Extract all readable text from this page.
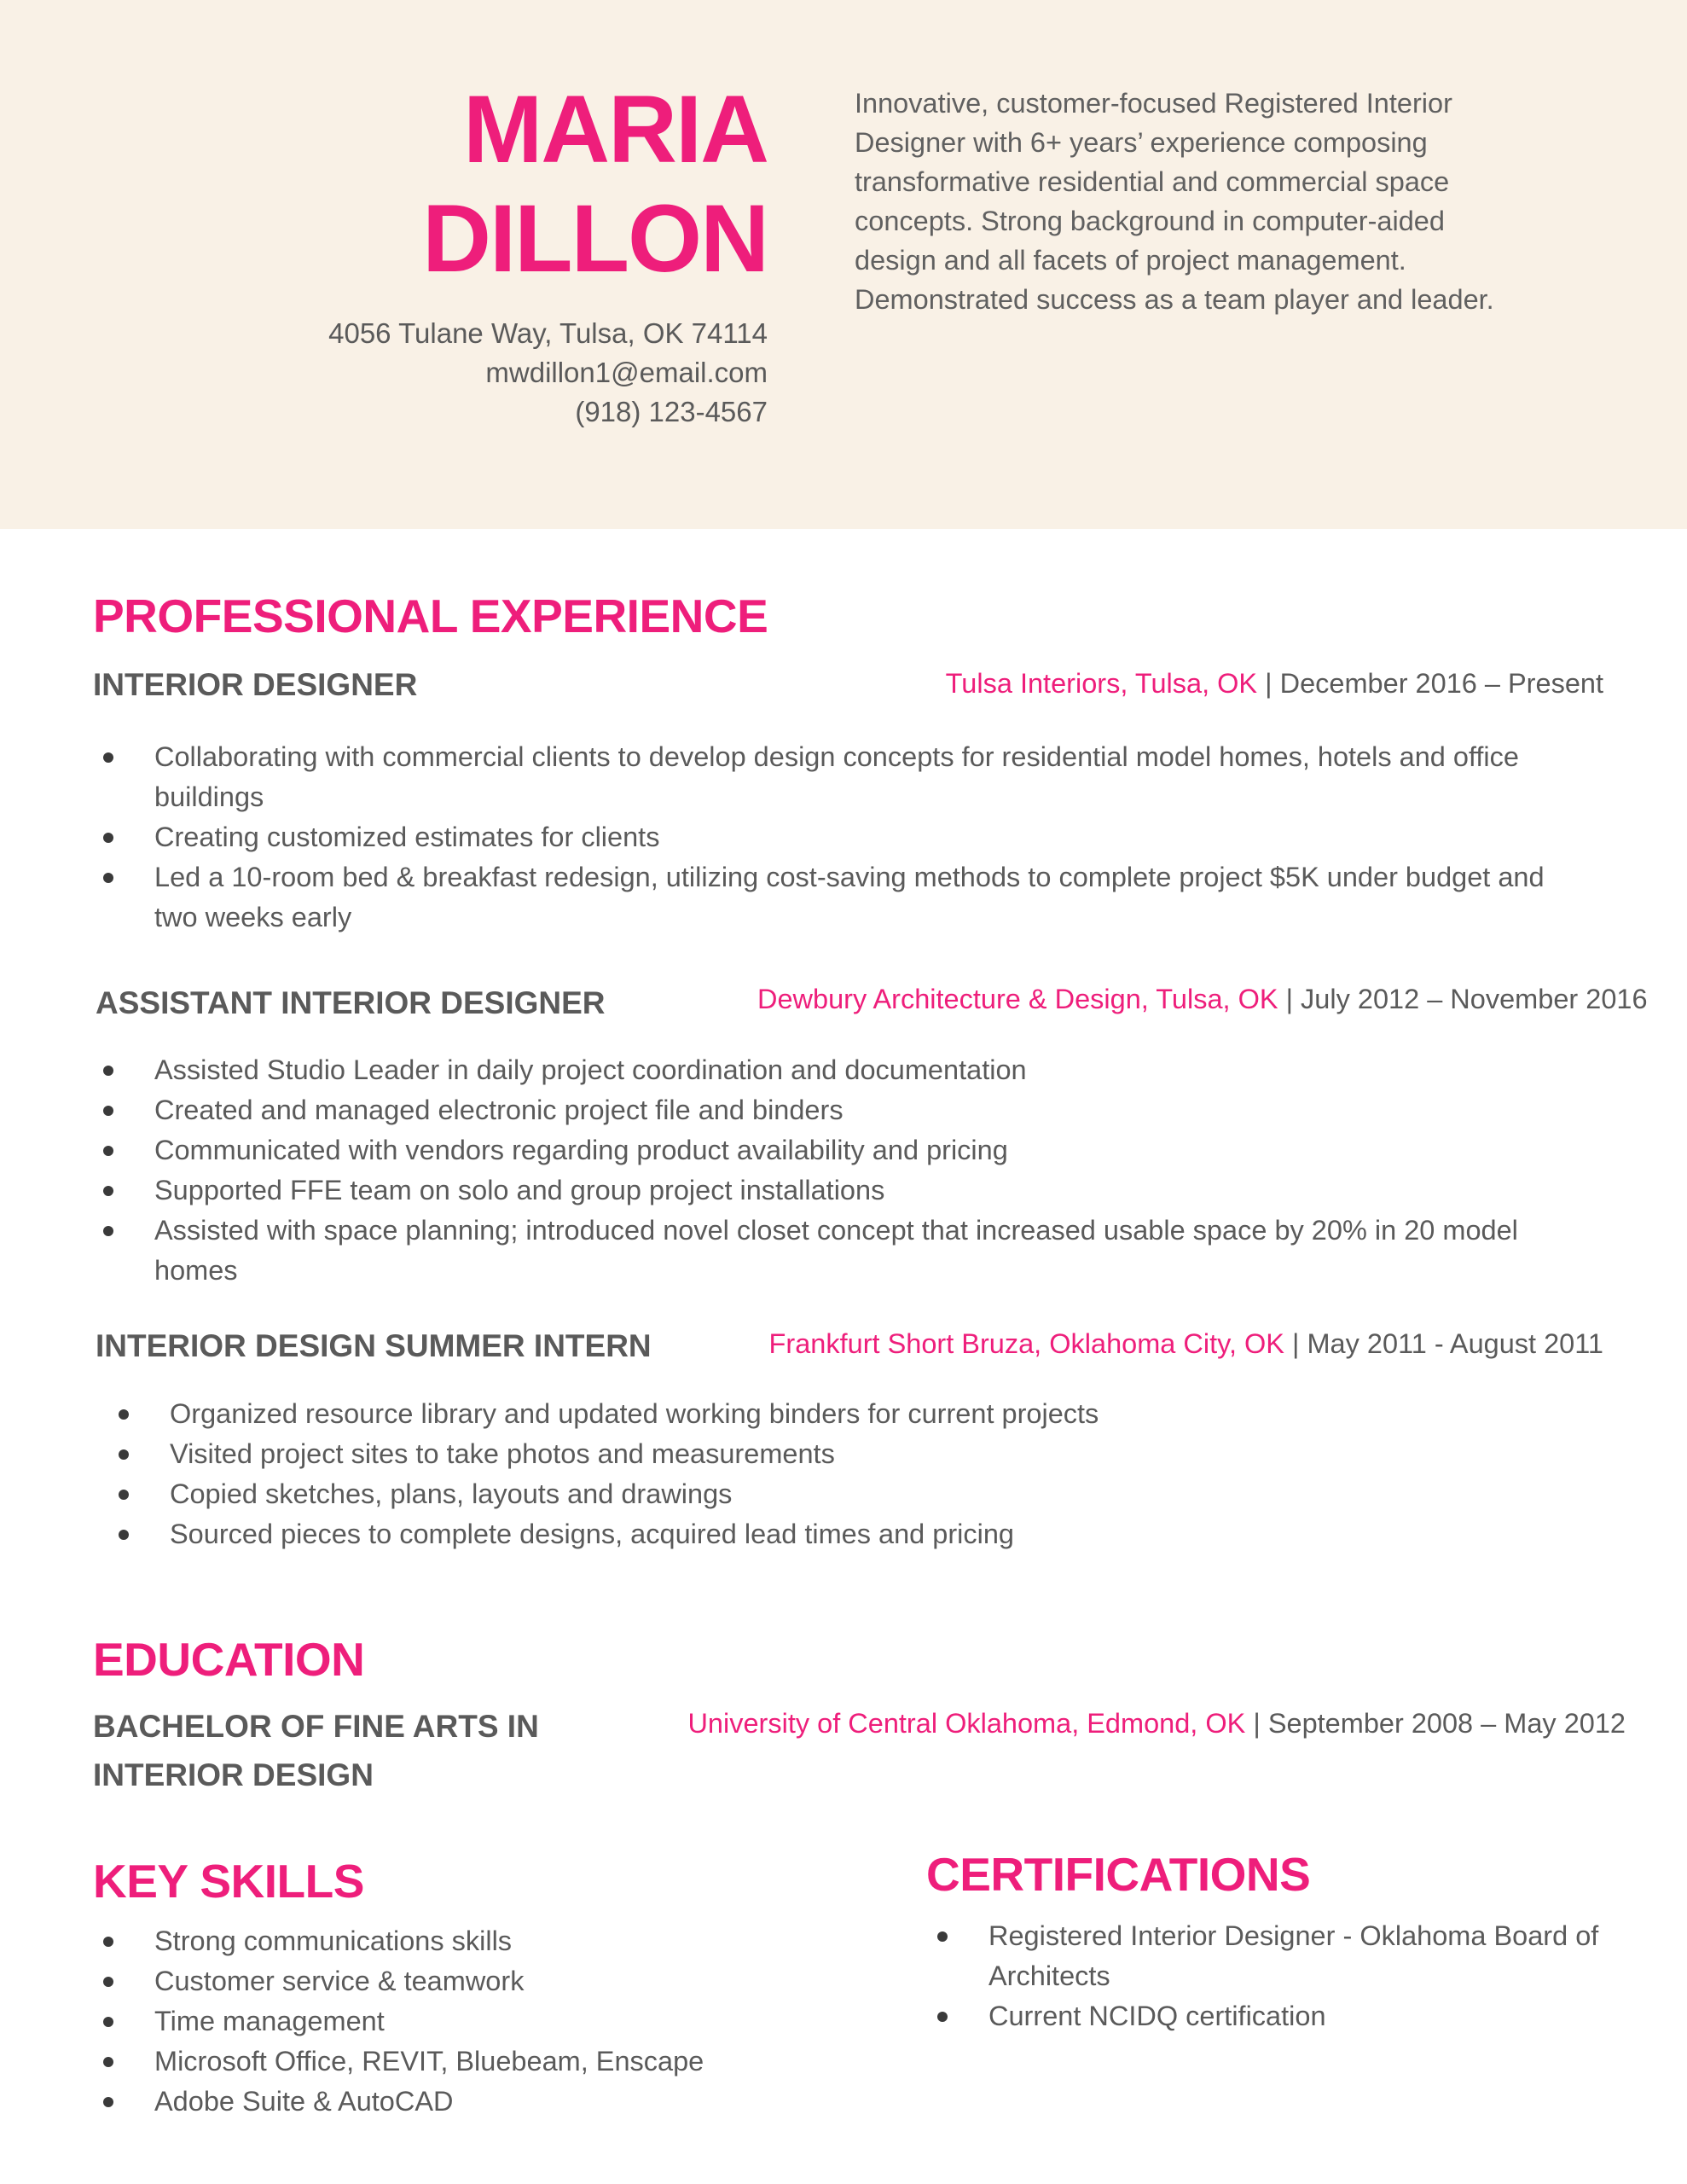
MARIA
DILLON
4056 Tulane Way, Tulsa, OK 74114
mwdillon1@email.com
(918) 123-4567
Innovative, customer-focused Registered Interior Designer with 6+ years’ experience composing transformative residential and commercial space concepts. Strong background in computer-aided design and all facets of project management. Demonstrated success as a team player and leader.
PROFESSIONAL EXPERIENCE
INTERIOR DESIGNER	Tulsa Interiors, Tulsa, OK | December 2016 – Present
Collaborating with commercial clients to develop design concepts for residential model homes, hotels and office buildings
Creating customized estimates for clients
Led a 10-room bed & breakfast redesign, utilizing cost-saving methods to complete project $5K under budget and two weeks early
ASSISTANT INTERIOR DESIGNER	Dewbury Architecture & Design, Tulsa, OK | July 2012 – November 2016
Assisted Studio Leader in daily project coordination and documentation
Created and managed electronic project file and binders
Communicated with vendors regarding product availability and pricing
Supported FFE team on solo and group project installations
Assisted with space planning; introduced novel closet concept that increased usable space by 20% in 20 model homes
INTERIOR DESIGN SUMMER INTERN	Frankfurt Short Bruza, Oklahoma City, OK | May 2011 - August 2011
Organized resource library and updated working binders for current projects
Visited project sites to take photos and measurements
Copied sketches, plans, layouts and drawings
Sourced pieces to complete designs, acquired lead times and pricing
EDUCATION
BACHELOR OF FINE ARTS IN
INTERIOR DESIGN
University of Central Oklahoma, Edmond, OK | September 2008 – May 2012
KEY SKILLS
Strong communications skills
Customer service & teamwork
Time management
Microsoft Office, REVIT, Bluebeam, Enscape
Adobe Suite & AutoCAD
CERTIFICATIONS
Registered Interior Designer - Oklahoma Board of Architects
Current NCIDQ certification
